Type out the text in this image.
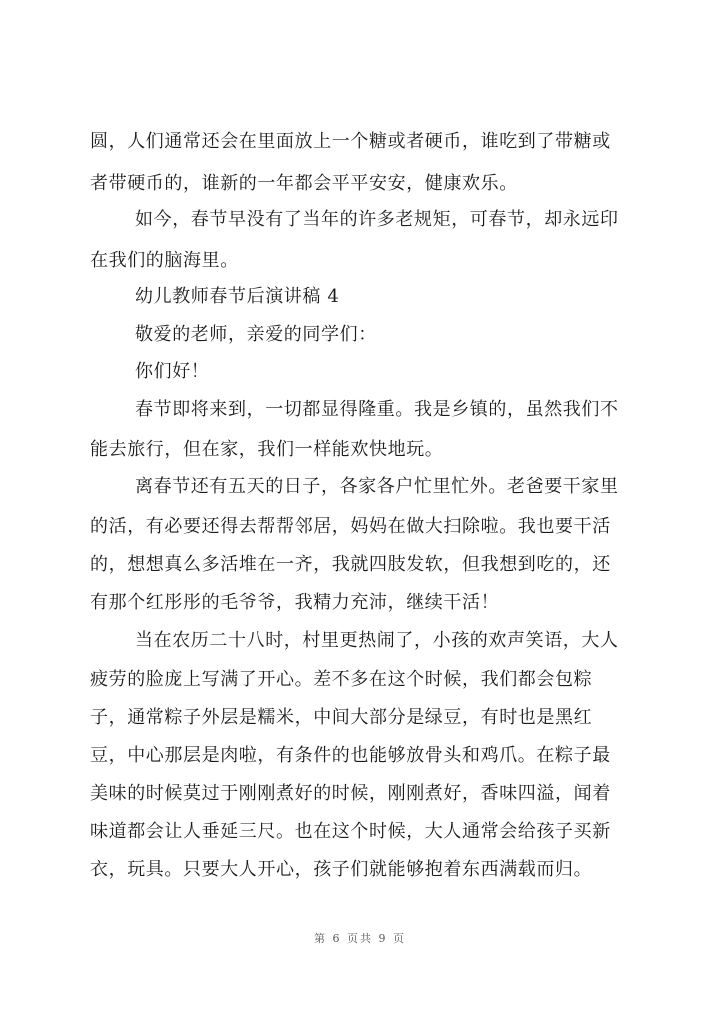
圆，人们通常还会在里面放上一个糖或者硬币，谁吃到了带糖或
者带硬币的，谁新的一年都会平平安安，健康欢乐。
如今，春节早没有了当年的许多老规矩，可春节，却永远印
在我们的脑海里。
幼儿教师春节后演讲稿 4
敬爱的老师，亲爱的同学们：
你们好！
春节即将来到，一切都显得隆重。我是乡镇的，虽然我们不
能去旅行，但在家，我们一样能欢快地玩。
离春节还有五天的日子，各家各户忙里忙外。老爸要干家里
的活，有必要还得去帮帮邻居，妈妈在做大扫除啦。我也要干活
的，想想真么多活堆在一齐，我就四肢发软，但我想到吃的，还
有那个红彤彤的毛爷爷，我精力充沛，继续干活！
当在农历二十八时，村里更热闹了，小孩的欢声笑语，大人
疲劳的脸庞上写满了开心。差不多在这个时候，我们都会包粽
子，通常粽子外层是糯米，中间大部分是绿豆，有时也是黑红
豆，中心那层是肉啦，有条件的也能够放骨头和鸡爪。在粽子最
美味的时候莫过于刚刚煮好的时候，刚刚煮好，香味四溢，闻着
味道都会让人垂延三尺。也在这个时候，大人通常会给孩子买新
衣，玩具。只要大人开心，孩子们就能够抱着东西满载而归。
第 6 页共 9 页
